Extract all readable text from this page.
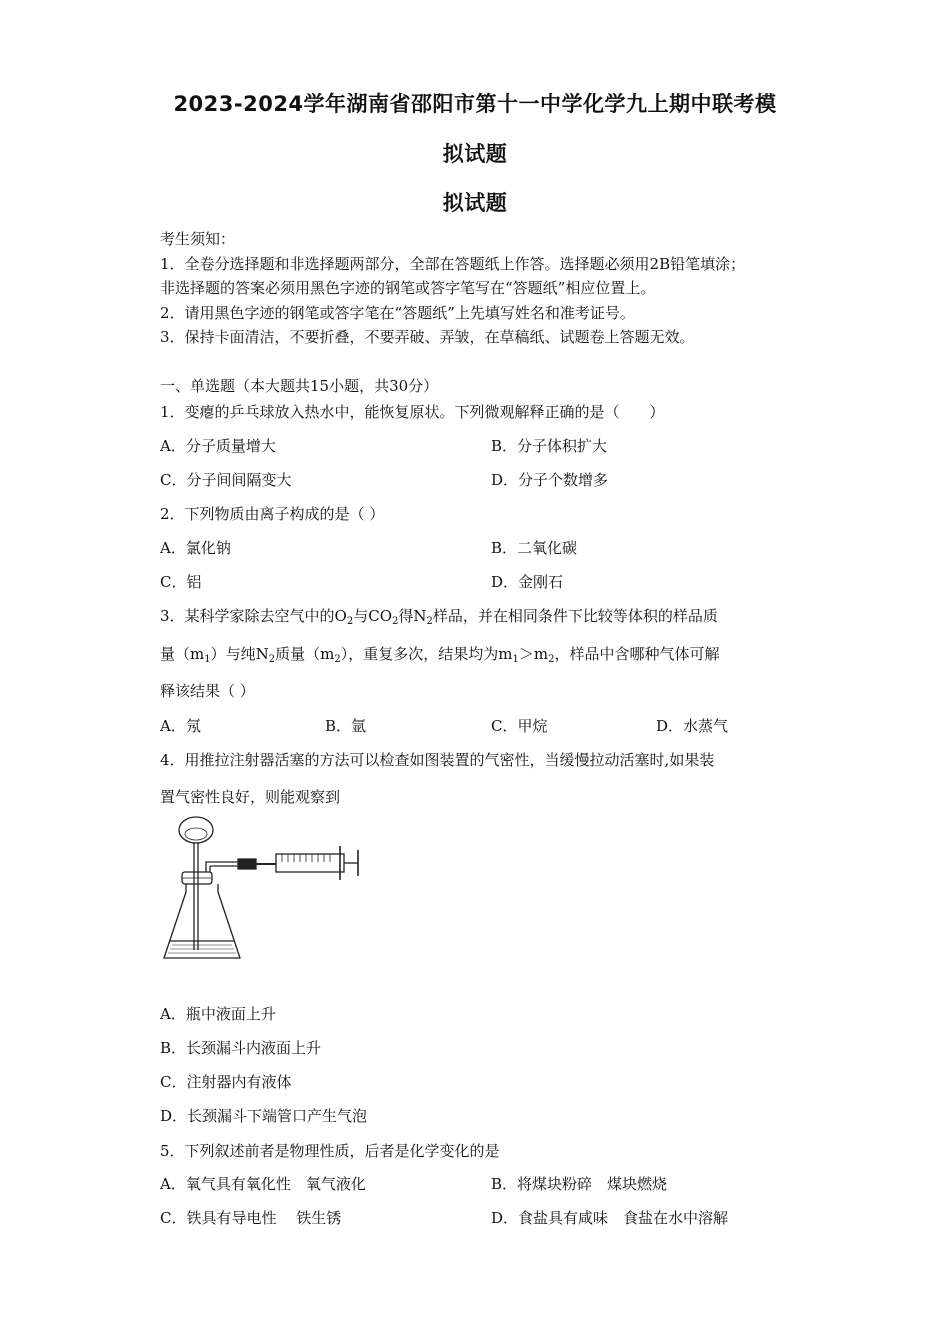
2023-2024学年湖南省邵阳市第十一中学化学九上期中联考模
拟试题
拟试题
考生须知：
1．全卷分选择题和非选择题两部分，全部在答题纸上作答。选择题必须用2B铅笔填涂；
非选择题的答案必须用黑色字迹的钢笔或答字笔写在“答题纸”相应位置上。
2．请用黑色字迹的钢笔或答字笔在“答题纸”上先填写姓名和准考证号。
3．保持卡面清洁，不要折叠，不要弄破、弄皱，在草稿纸、试题卷上答题无效。
一、单选题（本大题共15小题，共30分）
1．变瘪的乒乓球放入热水中，能恢复原状。下列微观解释正确的是（　　）
A．分子质量增大	B．分子体积扩大
C．分子间间隔变大	D．分子个数增多
2．下列物质由离子构成的是（ ）
A．氯化钠	B．二氧化碳
C．铝	D．金刚石
3．某科学家除去空气中的$O_2$与$CO_2$得$N_2$样品，并在相同条件下比较等体积的样品质
量$(m_1)$与纯$N_2$质量$(m_2)$，重复多次，结果均为$m_1>m_2$，样品中含哪种气体可解
释该结果（ ）
A．氖	B．氩	C．甲烷	D．水蒸气
4．用推拉注射器活塞的方法可以检查如图装置的气密性，当缓慢拉动活塞时,如果装
置气密性良好，则能观察到
A．瓶中液面上升
B．长颈漏斗内液面上升
C．注射器内有液体
D．长颈漏斗下端管口产生气泡
5．下列叙述前者是物理性质，后者是化学变化的是
A．氧气具有氧化性　氧气液化	B．将煤块粉碎　煤块燃烧
C．铁具有导电性　 铁生锈	D．食盐具有咸味　食盐在水中溶解
